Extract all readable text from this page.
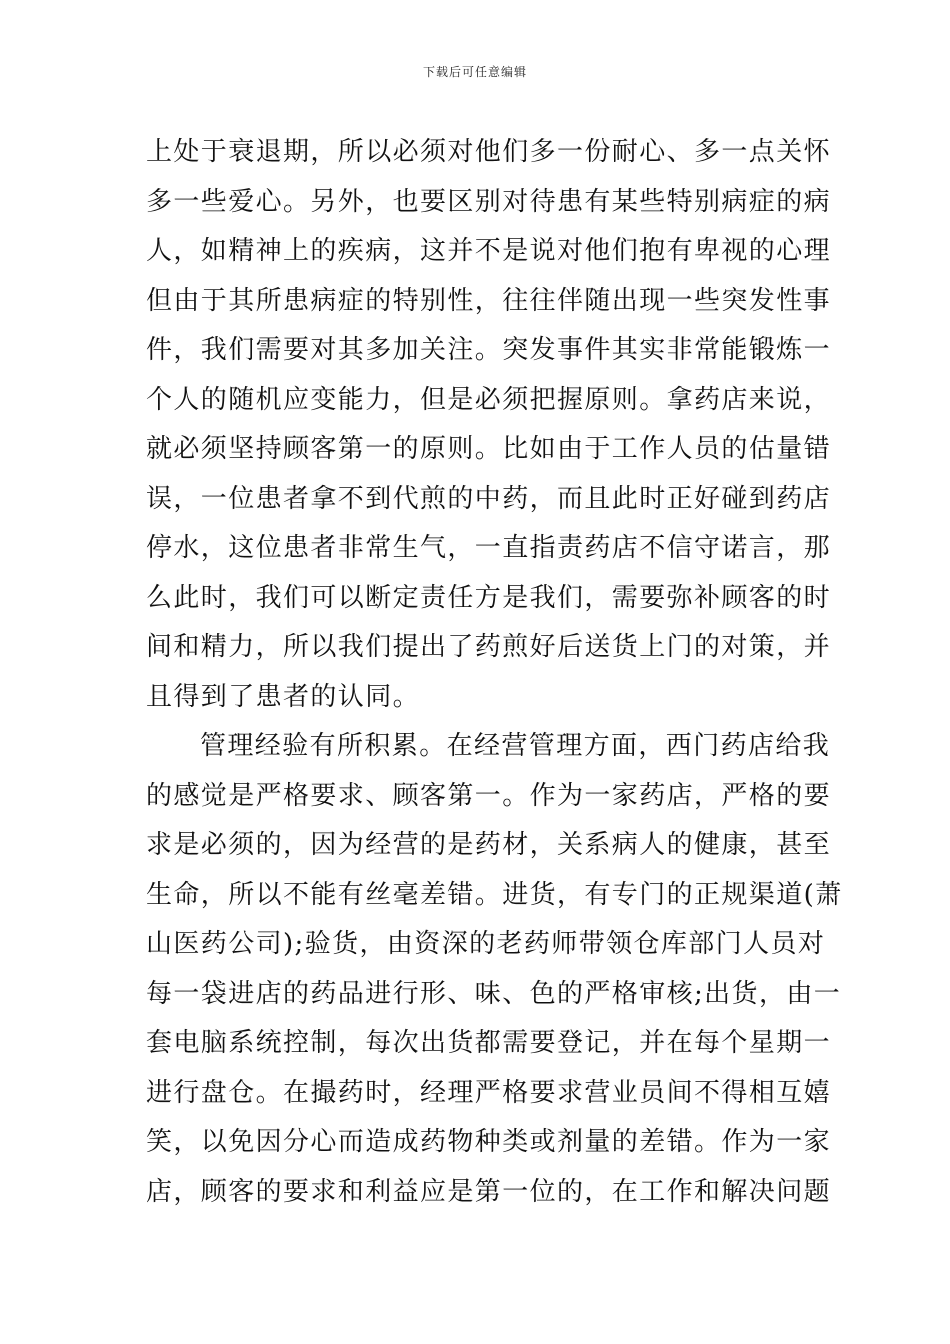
下载后可任意编辑
上处于衰退期，所以必须对他们多一份耐心、多一点关怀
多一些爱心。另外，也要区别对待患有某些特别病症的病
人，如精神上的疾病，这并不是说对他们抱有卑视的心理
但由于其所患病症的特别性，往往伴随出现一些突发性事
件，我们需要对其多加关注。突发事件其实非常能锻炼一
个人的随机应变能力，但是必须把握原则。拿药店来说，
就必须坚持顾客第一的原则。比如由于工作人员的估量错
误，一位患者拿不到代煎的中药，而且此时正好碰到药店
停水，这位患者非常生气，一直指责药店不信守诺言，那
么此时，我们可以断定责任方是我们，需要弥补顾客的时
间和精力，所以我们提出了药煎好后送货上门的对策，并
且得到了患者的认同。
管理经验有所积累。在经营管理方面，西门药店给我
的感觉是严格要求、顾客第一。作为一家药店，严格的要
求是必须的，因为经营的是药材，关系病人的健康，甚至
生命，所以不能有丝毫差错。进货，有专门的正规渠道(萧
山医药公司);验货，由资深的老药师带领仓库部门人员对
每一袋进店的药品进行形、味、色的严格审核;出货，由一
套电脑系统控制，每次出货都需要登记，并在每个星期一
进行盘仓。在撮药时，经理严格要求营业员间不得相互嬉
笑，以免因分心而造成药物种类或剂量的差错。作为一家
店，顾客的要求和利益应是第一位的，在工作和解决问题
